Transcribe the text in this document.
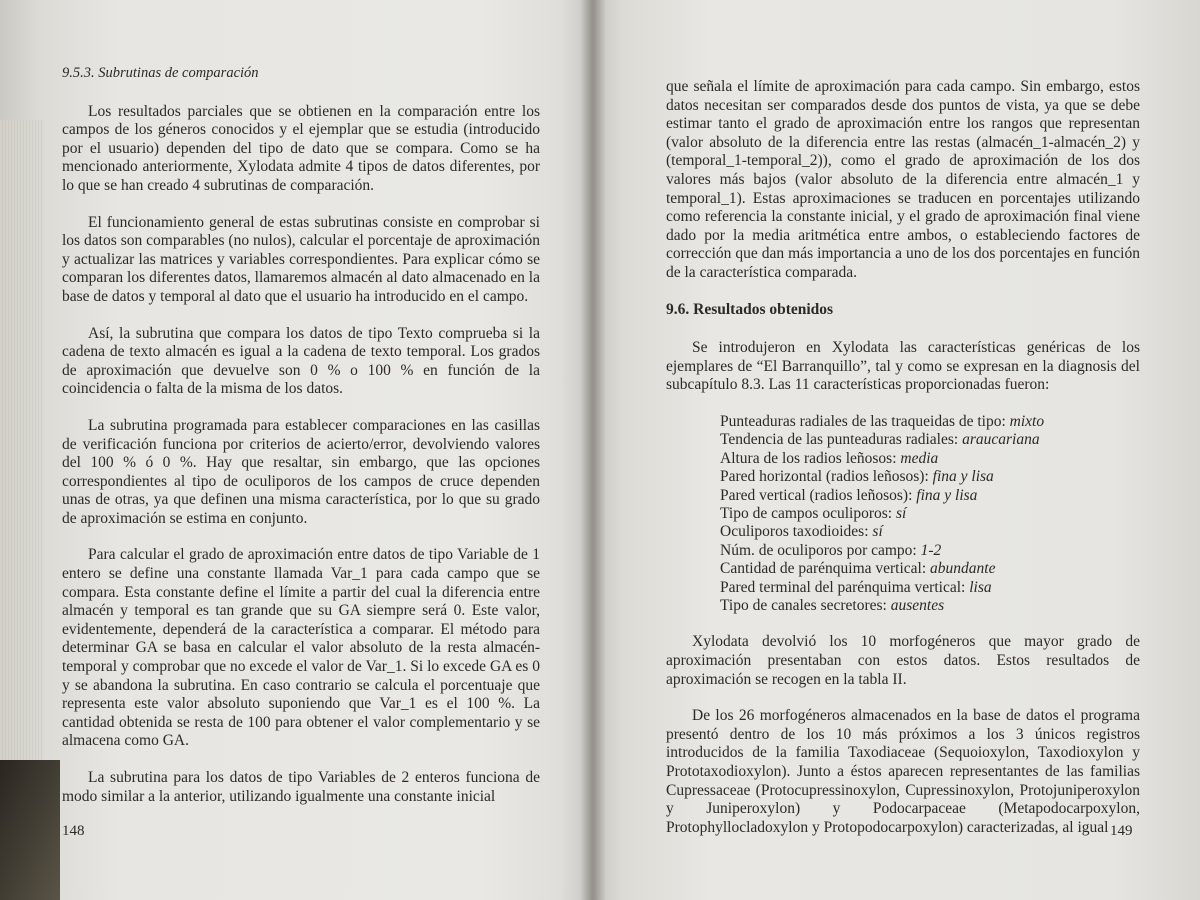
9.5.3. Subrutinas de comparación

Los resultados parciales que se obtienen en la comparación entre los campos de los géneros conocidos y el ejemplar que se estudia (introducido por el usuario) dependen del tipo de dato que se compara. Como se ha mencionado anteriormente, Xylodata admite 4 tipos de datos diferentes, por lo que se han creado 4 subrutinas de comparación.

El funcionamiento general de estas subrutinas consiste en comprobar si los datos son comparables (no nulos), calcular el porcentaje de aproximación y actualizar las matrices y variables correspondientes. Para explicar cómo se comparan los diferentes datos, llamaremos almacén al dato almacenado en la base de datos y temporal al dato que el usuario ha introducido en el campo.

Así, la subrutina que compara los datos de tipo Texto comprueba si la cadena de texto almacén es igual a la cadena de texto temporal. Los grados de aproximación que devuelve son 0 % o 100 % en función de la coincidencia o falta de la misma de los datos.

La subrutina programada para establecer comparaciones en las casillas de verificación funciona por criterios de acierto/error, devolviendo valores del 100 % ó 0 %. Hay que resaltar, sin embargo, que las opciones correspondientes al tipo de oculiporos de los campos de cruce dependen unas de otras, ya que definen una misma característica, por lo que su grado de aproximación se estima en conjunto.

Para calcular el grado de aproximación entre datos de tipo Variable de 1 entero se define una constante llamada Var_1 para cada campo que se compara. Esta constante define el límite a partir del cual la diferencia entre almacén y temporal es tan grande que su GA siempre será 0. Este valor, evidentemente, dependerá de la característica a comparar. El método para determinar GA se basa en calcular el valor absoluto de la resta almacén-temporal y comprobar que no excede el valor de Var_1. Si lo excede GA es 0 y se abandona la subrutina. En caso contrario se calcula el porcentuaje que representa este valor absoluto suponiendo que Var_1 es el 100 %. La cantidad obtenida se resta de 100 para obtener el valor complementario y se almacena como GA.

La subrutina para los datos de tipo Variables de 2 enteros funciona de modo similar a la anterior, utilizando igualmente una constante inicial

148

que señala el límite de aproximación para cada campo. Sin embargo, estos datos necesitan ser comparados desde dos puntos de vista, ya que se debe estimar tanto el grado de aproximación entre los rangos que representan (valor absoluto de la diferencia entre las restas (almacén_1-almacén_2) y (temporal_1-temporal_2)), como el grado de aproximación de los dos valores más bajos (valor absoluto de la diferencia entre almacén_1 y temporal_1). Estas aproximaciones se traducen en porcentajes utilizando como referencia la constante inicial, y el grado de aproximación final viene dado por la media aritmética entre ambos, o estableciendo factores de corrección que dan más importancia a uno de los dos porcentajes en función de la característica comparada.

9.6. Resultados obtenidos

Se introdujeron en Xylodata las características genéricas de los ejemplares de “El Barranquillo”, tal y como se expresan en la diagnosis del subcapítulo 8.3. Las 11 características proporcionadas fueron:

Punteaduras radiales de las traqueidas de tipo: mixto
Tendencia de las punteaduras radiales: araucariana
Altura de los radios leñosos: media
Pared horizontal (radios leñosos): fina y lisa
Pared vertical (radios leñosos): fina y lisa
Tipo de campos oculiporos: sí
Oculiporos taxodioides: sí
Núm. de oculiporos por campo: 1-2
Cantidad de parénquima vertical: abundante
Pared terminal del parénquima vertical: lisa
Tipo de canales secretores: ausentes

Xylodata devolvió los 10 morfogéneros que mayor grado de aproximación presentaban con estos datos. Estos resultados de aproximación se recogen en la tabla II.

De los 26 morfogéneros almacenados en la base de datos el programa presentó dentro de los 10 más próximos a los 3 únicos registros introducidos de la familia Taxodiaceae (Sequoioxylon, Taxodioxylon y Prototaxodioxylon). Junto a éstos aparecen representantes de las familias Cupressaceae (Protocupressinoxylon, Cupressinoxylon, Protojuniperoxylon y Juniperoxylon) y Podocarpaceae (Metapodocarpoxylon, Protophyllocladoxylon y Protopodocarpoxylon) caracterizadas, al igual 149
